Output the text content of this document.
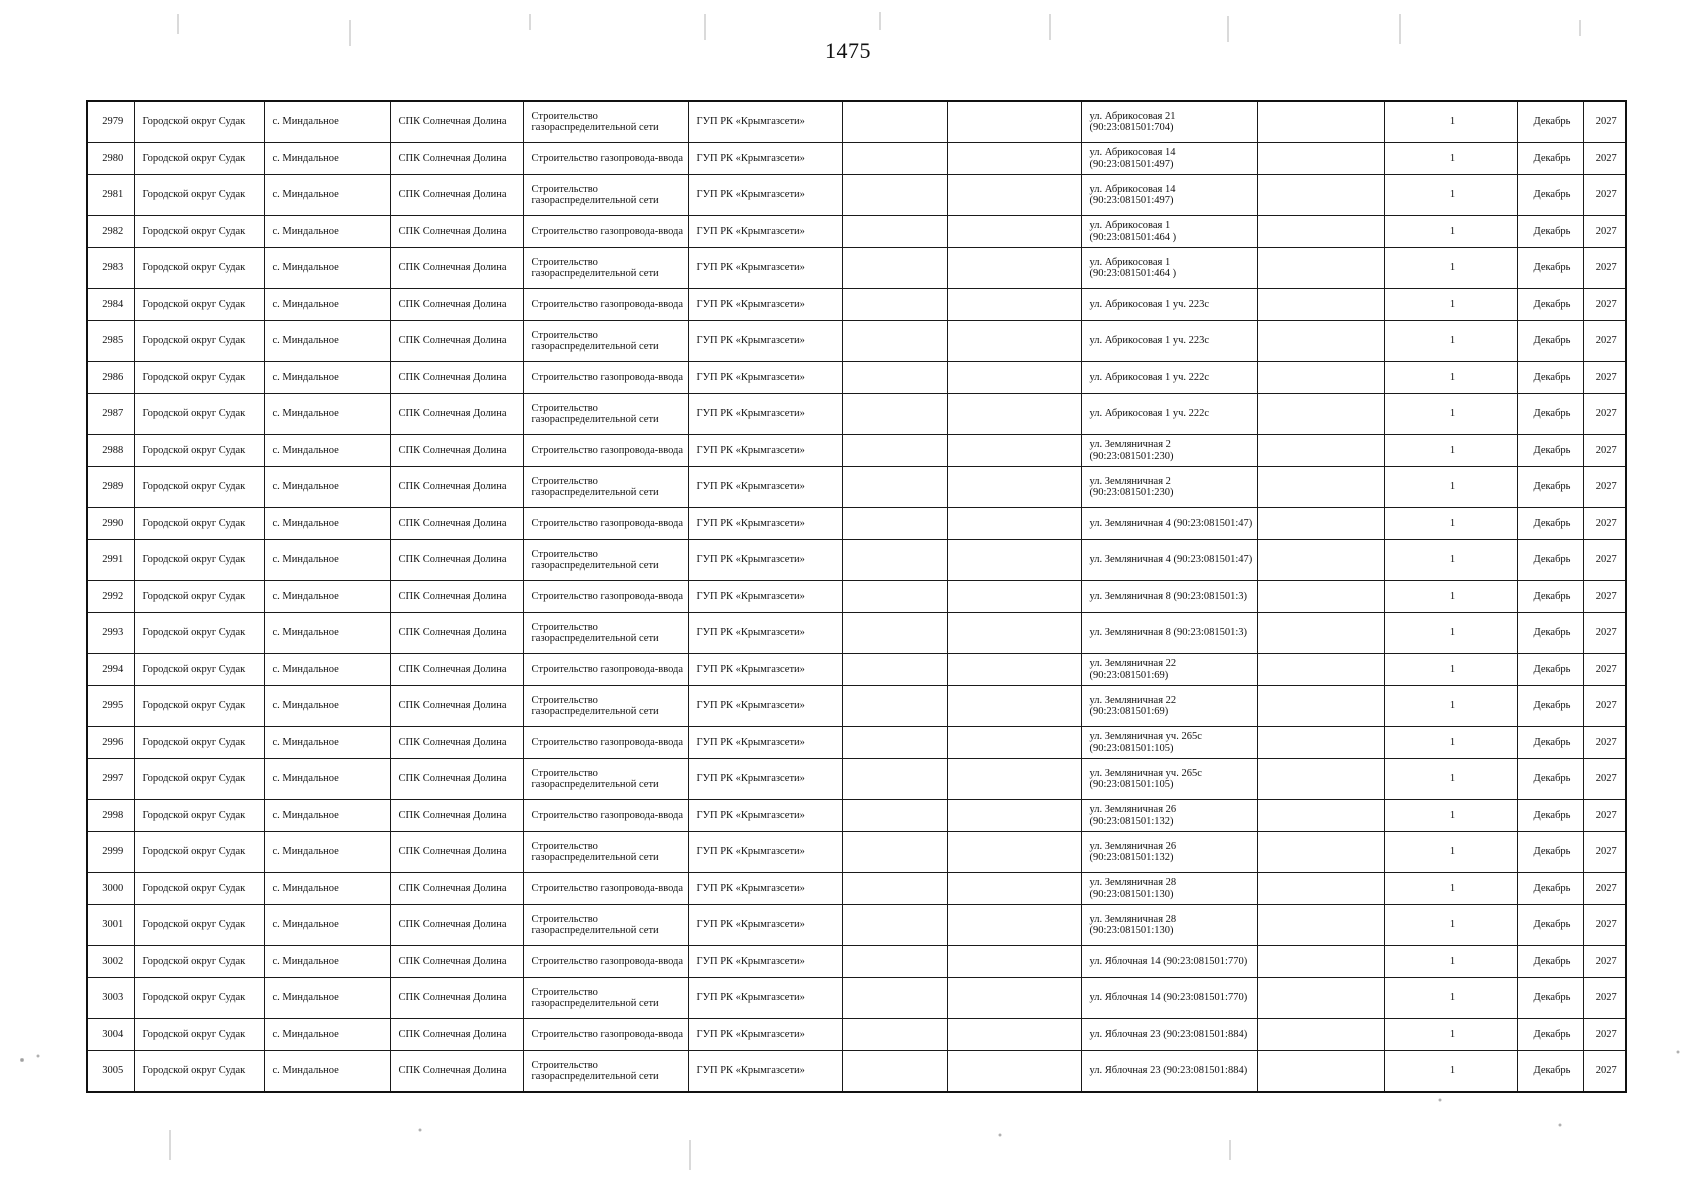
1475
2979	Городской округ Судак	с. Миндальное	СПК Солнечная Долина	Строительство газораспределительной сети	ГУП РК «Крымгазсети»			ул. Абрикосовая 21 (90:23:081501:704)		1	Декабрь	2027
2980	Городской округ Судак	с. Миндальное	СПК Солнечная Долина	Строительство газопровода-ввода	ГУП РК «Крымгазсети»			ул. Абрикосовая 14 (90:23:081501:497)		1	Декабрь	2027
2981	Городской округ Судак	с. Миндальное	СПК Солнечная Долина	Строительство газораспределительной сети	ГУП РК «Крымгазсети»			ул. Абрикосовая 14 (90:23:081501:497)		1	Декабрь	2027
2982	Городской округ Судак	с. Миндальное	СПК Солнечная Долина	Строительство газопровода-ввода	ГУП РК «Крымгазсети»			ул. Абрикосовая 1 (90:23:081501:464 )		1	Декабрь	2027
2983	Городской округ Судак	с. Миндальное	СПК Солнечная Долина	Строительство газораспределительной сети	ГУП РК «Крымгазсети»			ул. Абрикосовая 1 (90:23:081501:464 )		1	Декабрь	2027
2984	Городской округ Судак	с. Миндальное	СПК Солнечная Долина	Строительство газопровода-ввода	ГУП РК «Крымгазсети»			ул. Абрикосовая 1 уч. 223с		1	Декабрь	2027
2985	Городской округ Судак	с. Миндальное	СПК Солнечная Долина	Строительство газораспределительной сети	ГУП РК «Крымгазсети»			ул. Абрикосовая 1 уч. 223с		1	Декабрь	2027
2986	Городской округ Судак	с. Миндальное	СПК Солнечная Долина	Строительство газопровода-ввода	ГУП РК «Крымгазсети»			ул. Абрикосовая 1 уч. 222с		1	Декабрь	2027
2987	Городской округ Судак	с. Миндальное	СПК Солнечная Долина	Строительство газораспределительной сети	ГУП РК «Крымгазсети»			ул. Абрикосовая 1 уч. 222с		1	Декабрь	2027
2988	Городской округ Судак	с. Миндальное	СПК Солнечная Долина	Строительство газопровода-ввода	ГУП РК «Крымгазсети»			ул. Земляничная 2 (90:23:081501:230)		1	Декабрь	2027
2989	Городской округ Судак	с. Миндальное	СПК Солнечная Долина	Строительство газораспределительной сети	ГУП РК «Крымгазсети»			ул. Земляничная 2 (90:23:081501:230)		1	Декабрь	2027
2990	Городской округ Судак	с. Миндальное	СПК Солнечная Долина	Строительство газопровода-ввода	ГУП РК «Крымгазсети»			ул. Земляничная 4 (90:23:081501:47)		1	Декабрь	2027
2991	Городской округ Судак	с. Миндальное	СПК Солнечная Долина	Строительство газораспределительной сети	ГУП РК «Крымгазсети»			ул. Земляничная 4 (90:23:081501:47)		1	Декабрь	2027
2992	Городской округ Судак	с. Миндальное	СПК Солнечная Долина	Строительство газопровода-ввода	ГУП РК «Крымгазсети»			ул. Земляничная 8 (90:23:081501:3)		1	Декабрь	2027
2993	Городской округ Судак	с. Миндальное	СПК Солнечная Долина	Строительство газораспределительной сети	ГУП РК «Крымгазсети»			ул. Земляничная 8 (90:23:081501:3)		1	Декабрь	2027
2994	Городской округ Судак	с. Миндальное	СПК Солнечная Долина	Строительство газопровода-ввода	ГУП РК «Крымгазсети»			ул. Земляничная 22 (90:23:081501:69)		1	Декабрь	2027
2995	Городской округ Судак	с. Миндальное	СПК Солнечная Долина	Строительство газораспределительной сети	ГУП РК «Крымгазсети»			ул. Земляничная 22 (90:23:081501:69)		1	Декабрь	2027
2996	Городской округ Судак	с. Миндальное	СПК Солнечная Долина	Строительство газопровода-ввода	ГУП РК «Крымгазсети»			ул. Земляничная уч. 265с (90:23:081501:105)		1	Декабрь	2027
2997	Городской округ Судак	с. Миндальное	СПК Солнечная Долина	Строительство газораспределительной сети	ГУП РК «Крымгазсети»			ул. Земляничная уч. 265с (90:23:081501:105)		1	Декабрь	2027
2998	Городской округ Судак	с. Миндальное	СПК Солнечная Долина	Строительство газопровода-ввода	ГУП РК «Крымгазсети»			ул. Земляничная 26 (90:23:081501:132)		1	Декабрь	2027
2999	Городской округ Судак	с. Миндальное	СПК Солнечная Долина	Строительство газораспределительной сети	ГУП РК «Крымгазсети»			ул. Земляничная 26 (90:23:081501:132)		1	Декабрь	2027
3000	Городской округ Судак	с. Миндальное	СПК Солнечная Долина	Строительство газопровода-ввода	ГУП РК «Крымгазсети»			ул. Земляничная 28 (90:23:081501:130)		1	Декабрь	2027
3001	Городской округ Судак	с. Миндальное	СПК Солнечная Долина	Строительство газораспределительной сети	ГУП РК «Крымгазсети»			ул. Земляничная 28 (90:23:081501:130)		1	Декабрь	2027
3002	Городской округ Судак	с. Миндальное	СПК Солнечная Долина	Строительство газопровода-ввода	ГУП РК «Крымгазсети»			ул. Яблочная 14 (90:23:081501:770)		1	Декабрь	2027
3003	Городской округ Судак	с. Миндальное	СПК Солнечная Долина	Строительство газораспределительной сети	ГУП РК «Крымгазсети»			ул. Яблочная 14 (90:23:081501:770)		1	Декабрь	2027
3004	Городской округ Судак	с. Миндальное	СПК Солнечная Долина	Строительство газопровода-ввода	ГУП РК «Крымгазсети»			ул. Яблочная 23 (90:23:081501:884)		1	Декабрь	2027
3005	Городской округ Судак	с. Миндальное	СПК Солнечная Долина	Строительство газораспределительной сети	ГУП РК «Крымгазсети»			ул. Яблочная 23 (90:23:081501:884)		1	Декабрь	2027
